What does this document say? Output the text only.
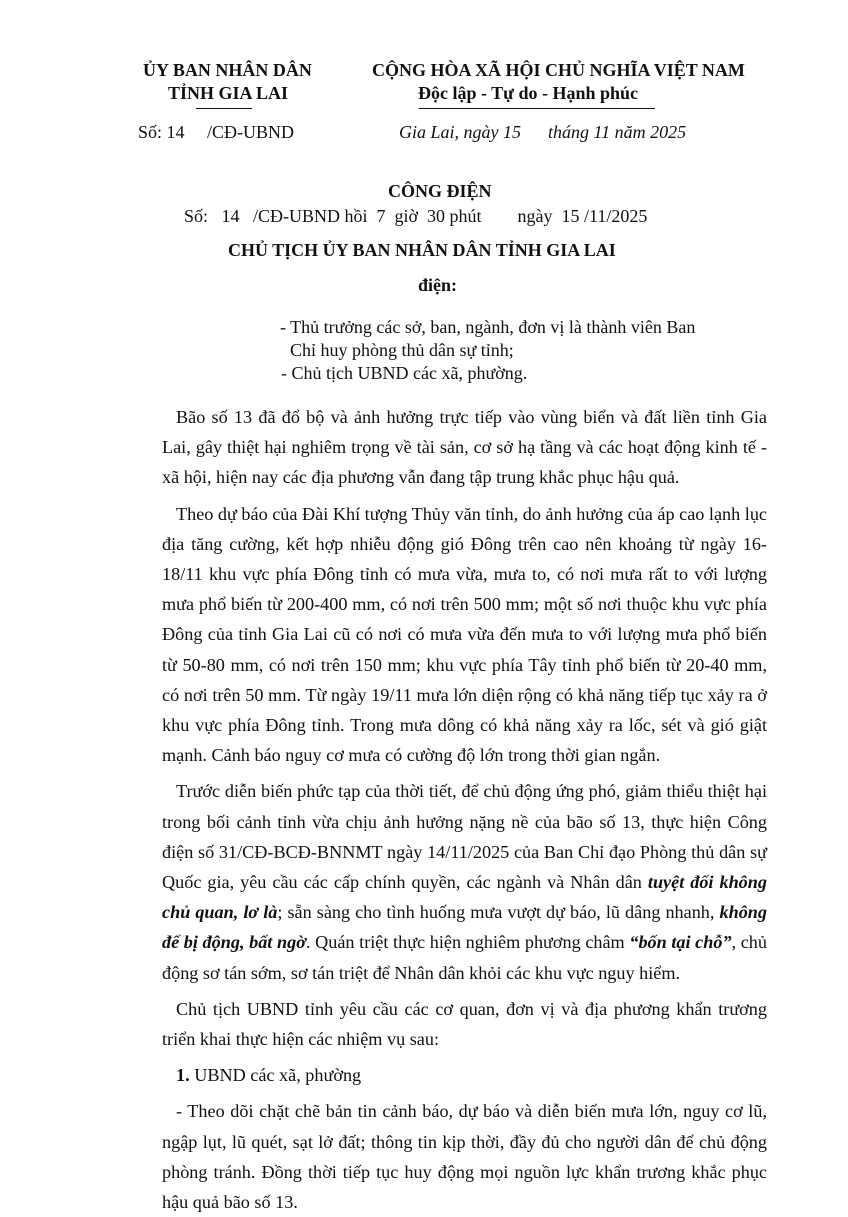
ỦY BAN NHÂN DÂN
TỈNH GIA LAI
Số: 14     /CĐ-UBND
CỘNG HÒA XÃ HỘI CHỦ NGHĨA VIỆT NAM
Độc lập - Tự do - Hạnh phúc
Gia Lai, ngày 15      tháng 11 năm 2025
CÔNG ĐIỆN
Số:   14   /CĐ-UBND hồi  7  giờ  30 phút        ngày  15 /11/2025
CHỦ TỊCH ỦY BAN NHÂN DÂN TỈNH GIA LAI
điện:
- Thủ trưởng các sở, ban, ngành, đơn vị là thành viên Ban
Chỉ huy phòng thủ dân sự tỉnh;
- Chủ tịch UBND các xã, phường.

Bão số 13 đã đổ bộ và ảnh hưởng trực tiếp vào vùng biển và đất liền tỉnh Gia Lai, gây thiệt hại nghiêm trọng về tài sản, cơ sở hạ tầng và các hoạt động kinh tế - xã hội, hiện nay các địa phương vẫn đang tập trung khắc phục hậu quả.

Theo dự báo của Đài Khí tượng Thủy văn tỉnh, do ảnh hưởng của áp cao lạnh lục địa tăng cường, kết hợp nhiễu động gió Đông trên cao nên khoảng từ ngày 16-18/11 khu vực phía Đông tỉnh có mưa vừa, mưa to, có nơi mưa rất to với lượng mưa phổ biến từ 200-400 mm, có nơi trên 500 mm; một số nơi thuộc khu vực phía Đông của tỉnh Gia Lai cũ có nơi có mưa vừa đến mưa to với lượng mưa phổ biến từ 50-80 mm, có nơi trên 150 mm; khu vực phía Tây tỉnh phổ biến từ 20-40 mm, có nơi trên 50 mm. Từ ngày 19/11 mưa lớn diện rộng có khả năng tiếp tục xảy ra ở khu vực phía Đông tỉnh. Trong mưa dông có khả năng xảy ra lốc, sét và gió giật mạnh. Cảnh báo nguy cơ mưa có cường độ lớn trong thời gian ngắn.

Trước diễn biến phức tạp của thời tiết, để chủ động ứng phó, giảm thiểu thiệt hại trong bối cảnh tỉnh vừa chịu ảnh hưởng nặng nề của bão số 13, thực hiện Công điện số 31/CĐ-BCĐ-BNNMT ngày 14/11/2025 của Ban Chỉ đạo Phòng thủ dân sự Quốc gia, yêu cầu các cấp chính quyền, các ngành và Nhân dân tuyệt đối không chủ quan, lơ là; sẵn sàng cho tình huống mưa vượt dự báo, lũ dâng nhanh, không để bị động, bất ngờ. Quán triệt thực hiện nghiêm phương châm “bốn tại chỗ”, chủ động sơ tán sớm, sơ tán triệt để Nhân dân khỏi các khu vực nguy hiểm.

Chủ tịch UBND tỉnh yêu cầu các cơ quan, đơn vị và địa phương khẩn trương triển khai thực hiện các nhiệm vụ sau:

1. UBND các xã, phường

- Theo dõi chặt chẽ bản tin cảnh báo, dự báo và diễn biến mưa lớn, nguy cơ lũ, ngập lụt, lũ quét, sạt lở đất; thông tin kịp thời, đầy đủ cho người dân để chủ động phòng tránh. Đồng thời tiếp tục huy động mọi nguồn lực khẩn trương khắc phục hậu quả bão số 13.
